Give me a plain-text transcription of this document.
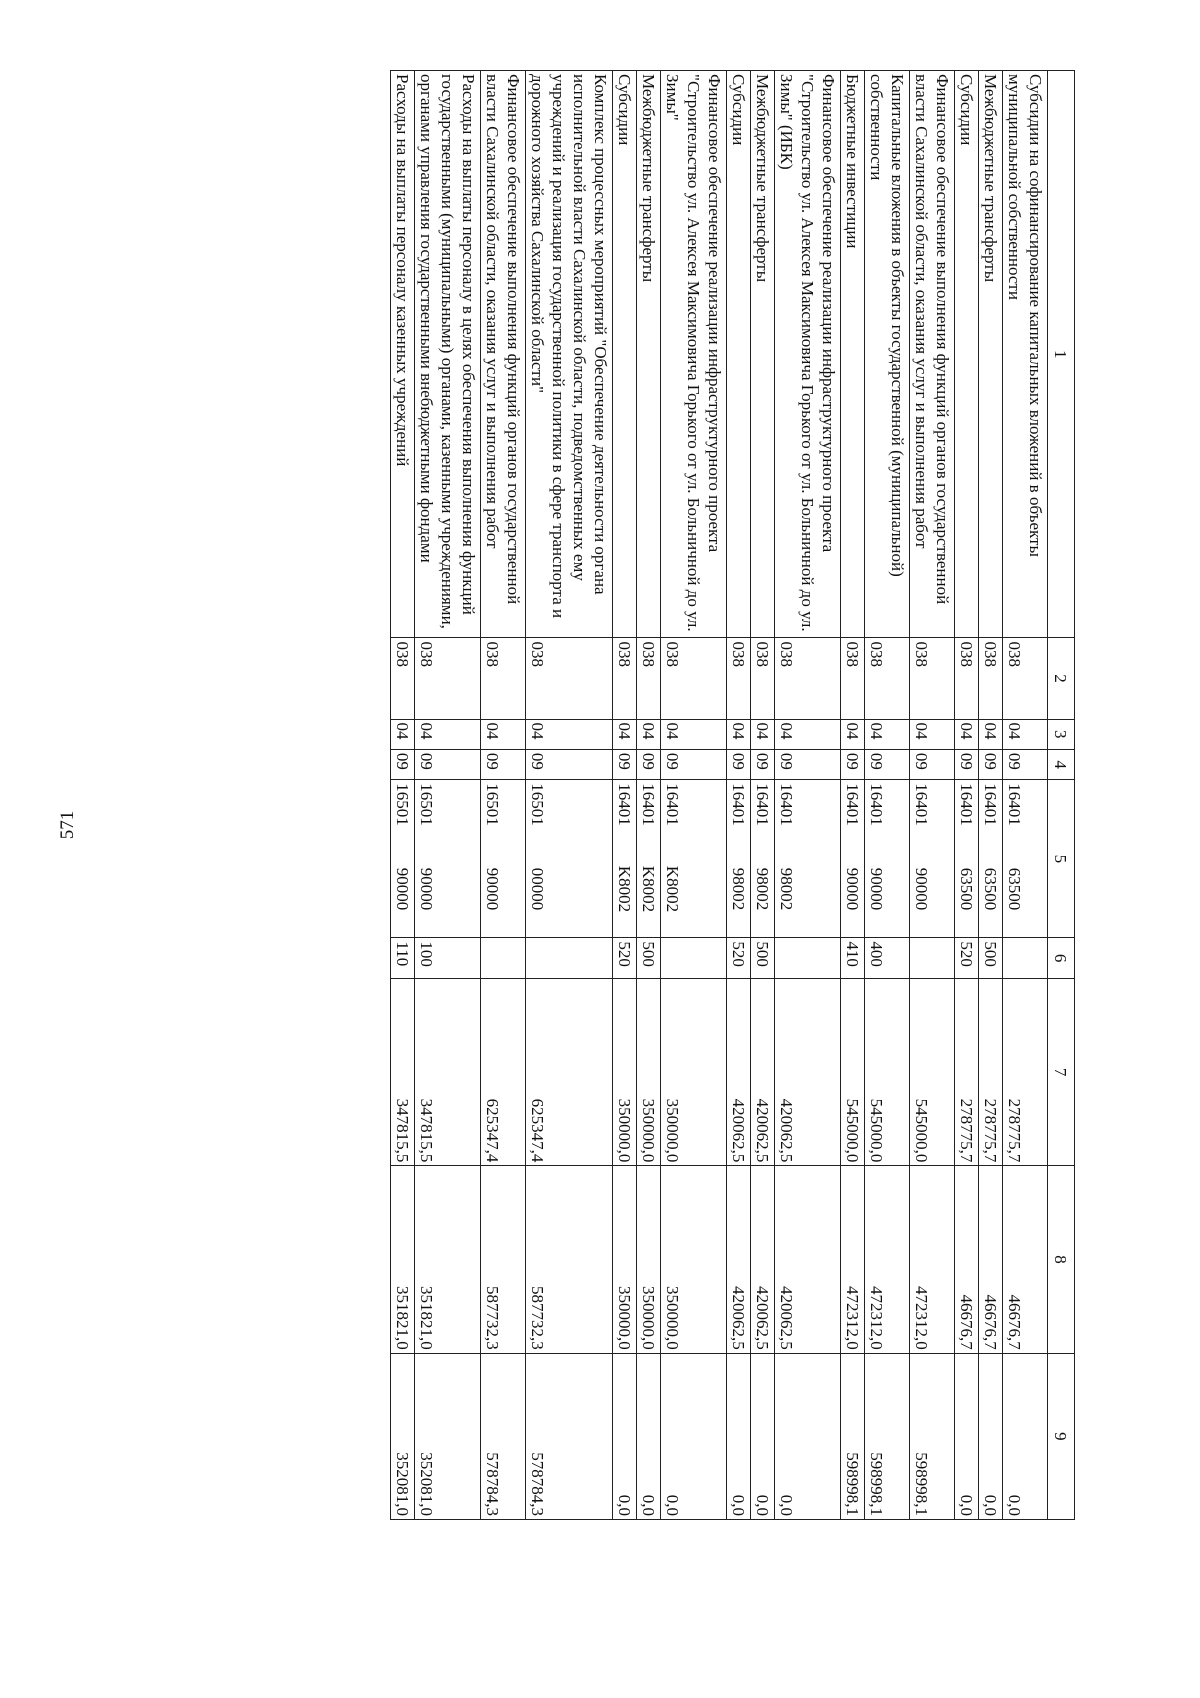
571
1	2	3	4	5		6	7	8	9
Субсидии на софинансирование капитальных вложений в объекты муниципальной собственности	038	04	09	16401	63500		278775,7	46676,7	0,0
Межбюджетные трансферты	038	04	09	16401	63500	500	278775,7	46676,7	0,0
Субсидии	038	04	09	16401	63500	520	278775,7	46676,7	0,0
Финансовое обеспечение выполнения функций органов государственной власти Сахалинской области, оказания услуг и выполнения работ	038	04	09	16401	90000		545000,0	472312,0	598998,1
Капитальные вложения в объекты государственной (муниципальной) собственности	038	04	09	16401	90000	400	545000,0	472312,0	598998,1
Бюджетные инвестиции	038	04	09	16401	90000	410	545000,0	472312,0	598998,1
Финансовое обеспечение реализации инфраструктурного проекта "Строительство ул. Алексея Максимовича Горького от ул. Больничной до ул. Зимы" (ИБК)	038	04	09	16401	98002		420062,5	420062,5	0,0
Межбюджетные трансферты	038	04	09	16401	98002	500	420062,5	420062,5	0,0
Субсидии	038	04	09	16401	98002	520	420062,5	420062,5	0,0
Финансовое обеспечение реализации инфраструктурного проекта "Строительство ул. Алексея Максимовича Горького от ул. Больничной до ул. Зимы"	038	04	09	16401	K8002		350000,0	350000,0	0,0
Межбюджетные трансферты	038	04	09	16401	K8002	500	350000,0	350000,0	0,0
Субсидии	038	04	09	16401	K8002	520	350000,0	350000,0	0,0
Комплекс процессных мероприятий "Обеспечение деятельности органа исполнительной власти Сахалинской области, подведомственных ему учреждений и реализация государственной политики в сфере транспорта и дорожного хозяйства Сахалинской области"	038	04	09	16501	00000		625347,4	587732,3	578784,3
Финансовое обеспечение выполнения функций органов государственной власти Сахалинской области, оказания услуг и выполнения работ	038	04	09	16501	90000		625347,4	587732,3	578784,3
Расходы на выплаты персоналу в целях обеспечения выполнения функций государственными (муниципальными) органами, казенными учреждениями, органами управления государственными внебюджетными фондами	038	04	09	16501	90000	100	347815,5	351821,0	352081,0
Расходы на выплаты персоналу казенных учреждений	038	04	09	16501	90000	110	347815,5	351821,0	352081,0
